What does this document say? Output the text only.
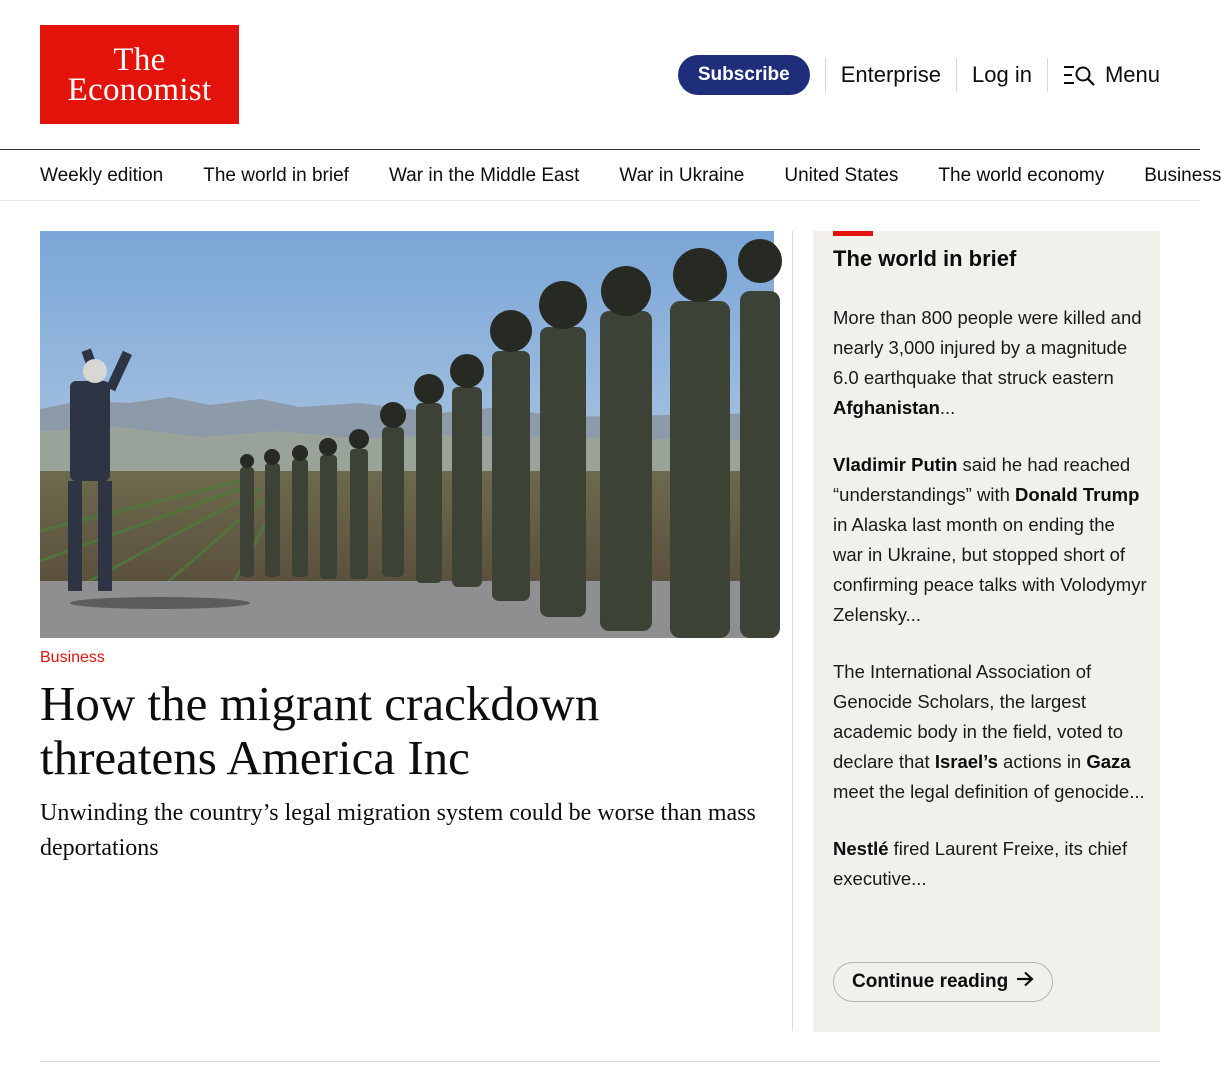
The
Economist	Subscribe	Enterprise Log in	Menu
Weekly edition The world in brief War in the Middle East War in Ukraine United States The world economy Business
Business
How the migrant crackdown threatens America Inc

Unwinding the country’s legal migration system could be worse than mass deportations

The world in brief

More than 800 people were killed and nearly 3,000 injured by a magnitude 6.0 earthquake that struck eastern Afghanistan...

Vladimir Putin said he had reached “understandings” with Donald Trump in Alaska last month on ending the war in Ukraine, but stopped short of confirming peace talks with Volodymyr Zelensky...

The International Association of Genocide Scholars, the largest academic body in the field, voted to declare that Israel’s actions in Gaza meet the legal definition of genocide...

Nestlé fired Laurent Freixe, its chief executive...

Continue reading
